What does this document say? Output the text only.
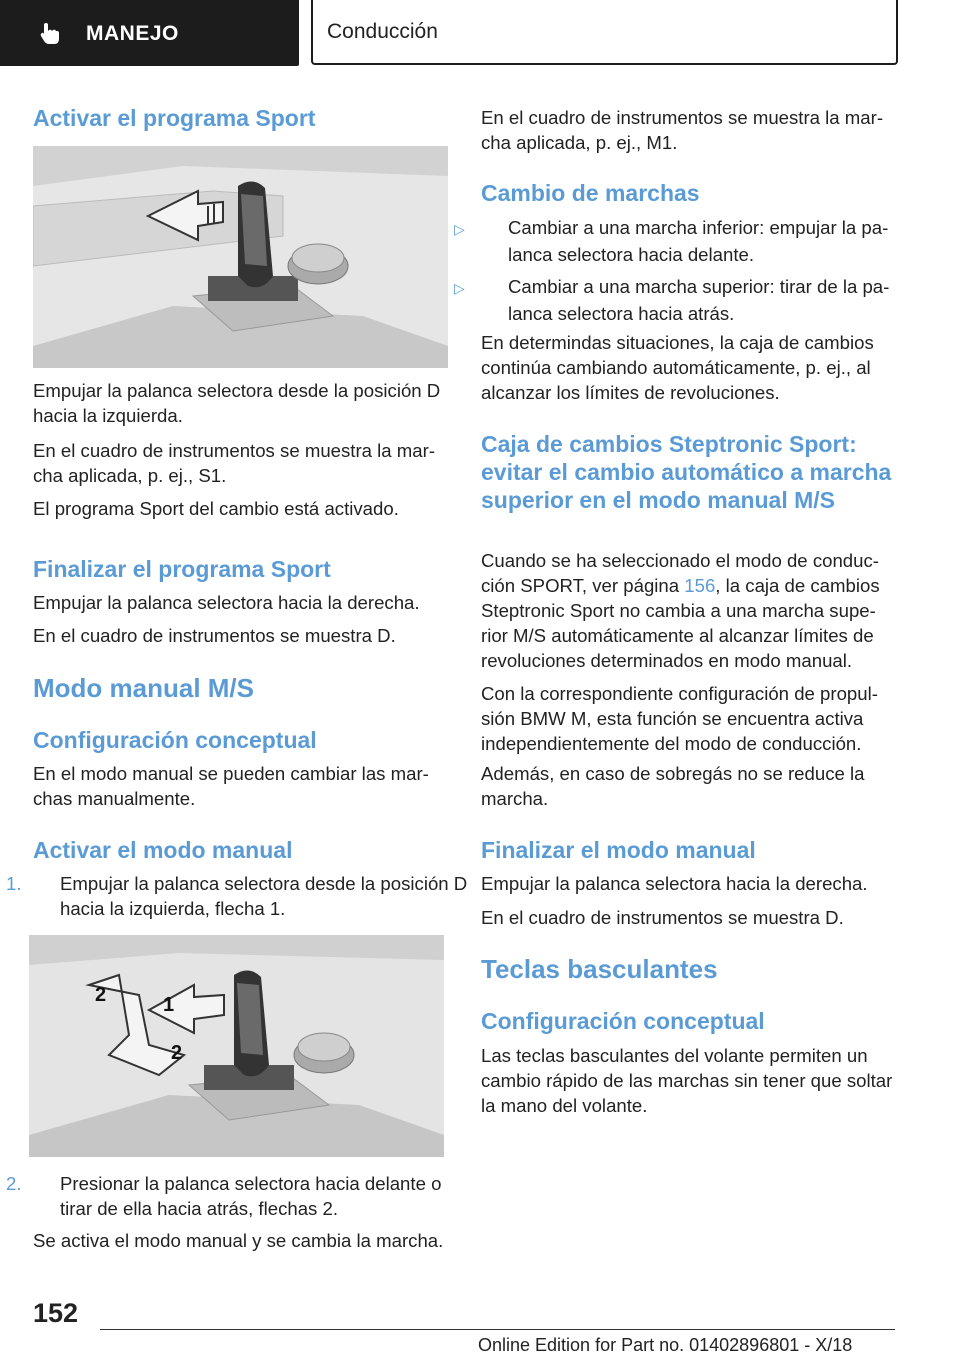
MANEJO	Conducción
Activar el programa Sport

Empujar la palanca selectora desde la posición D hacia la izquierda.

En el cuadro de instrumentos se muestra la marcha aplicada, p. ej., S1.

El programa Sport del cambio está activado.

Finalizar el programa Sport

Empujar la palanca selectora hacia la derecha.

En el cuadro de instrumentos se muestra D.

Modo manual M/S
Configuración conceptual

En el modo manual se pueden cambiar las marchas manualmente.

Activar el modo manual

1. Empujar la palanca selectora desde la posición D hacia la izquierda, flecha 1.

1
2
2

2. Presionar la palanca selectora hacia delante o tirar de ella hacia atrás, flechas 2.

Se activa el modo manual y se cambia la marcha.

En el cuadro de instrumentos se muestra la marcha aplicada, p. ej., M1.

Cambio de marchas

▷ Cambiar a una marcha inferior: empujar la palanca selectora hacia delante.

▷ Cambiar a una marcha superior: tirar de la palanca selectora hacia atrás.

En determindas situaciones, la caja de cambios continúa cambiando automáticamente, p. ej., al alcanzar los límites de revoluciones.

Caja de cambios Steptronic Sport: evitar el cambio automático a marcha superior en el modo manual M/S

Cuando se ha seleccionado el modo de conducción SPORT, ver página 156, la caja de cambios Steptronic Sport no cambia a una marcha superior M/S automáticamente al alcanzar límites de revoluciones determinados en modo manual.

Con la correspondiente configuración de propulsión BMW M, esta función se encuentra activa independientemente del modo de conducción.

Además, en caso de sobregás no se reduce la marcha.

Finalizar el modo manual

Empujar la palanca selectora hacia la derecha.

En el cuadro de instrumentos se muestra D.

Teclas basculantes
Configuración conceptual

Las teclas basculantes del volante permiten un cambio rápido de las marchas sin tener que soltar la mano del volante.

152
Online Edition for Part no. 01402896801 - X/18
